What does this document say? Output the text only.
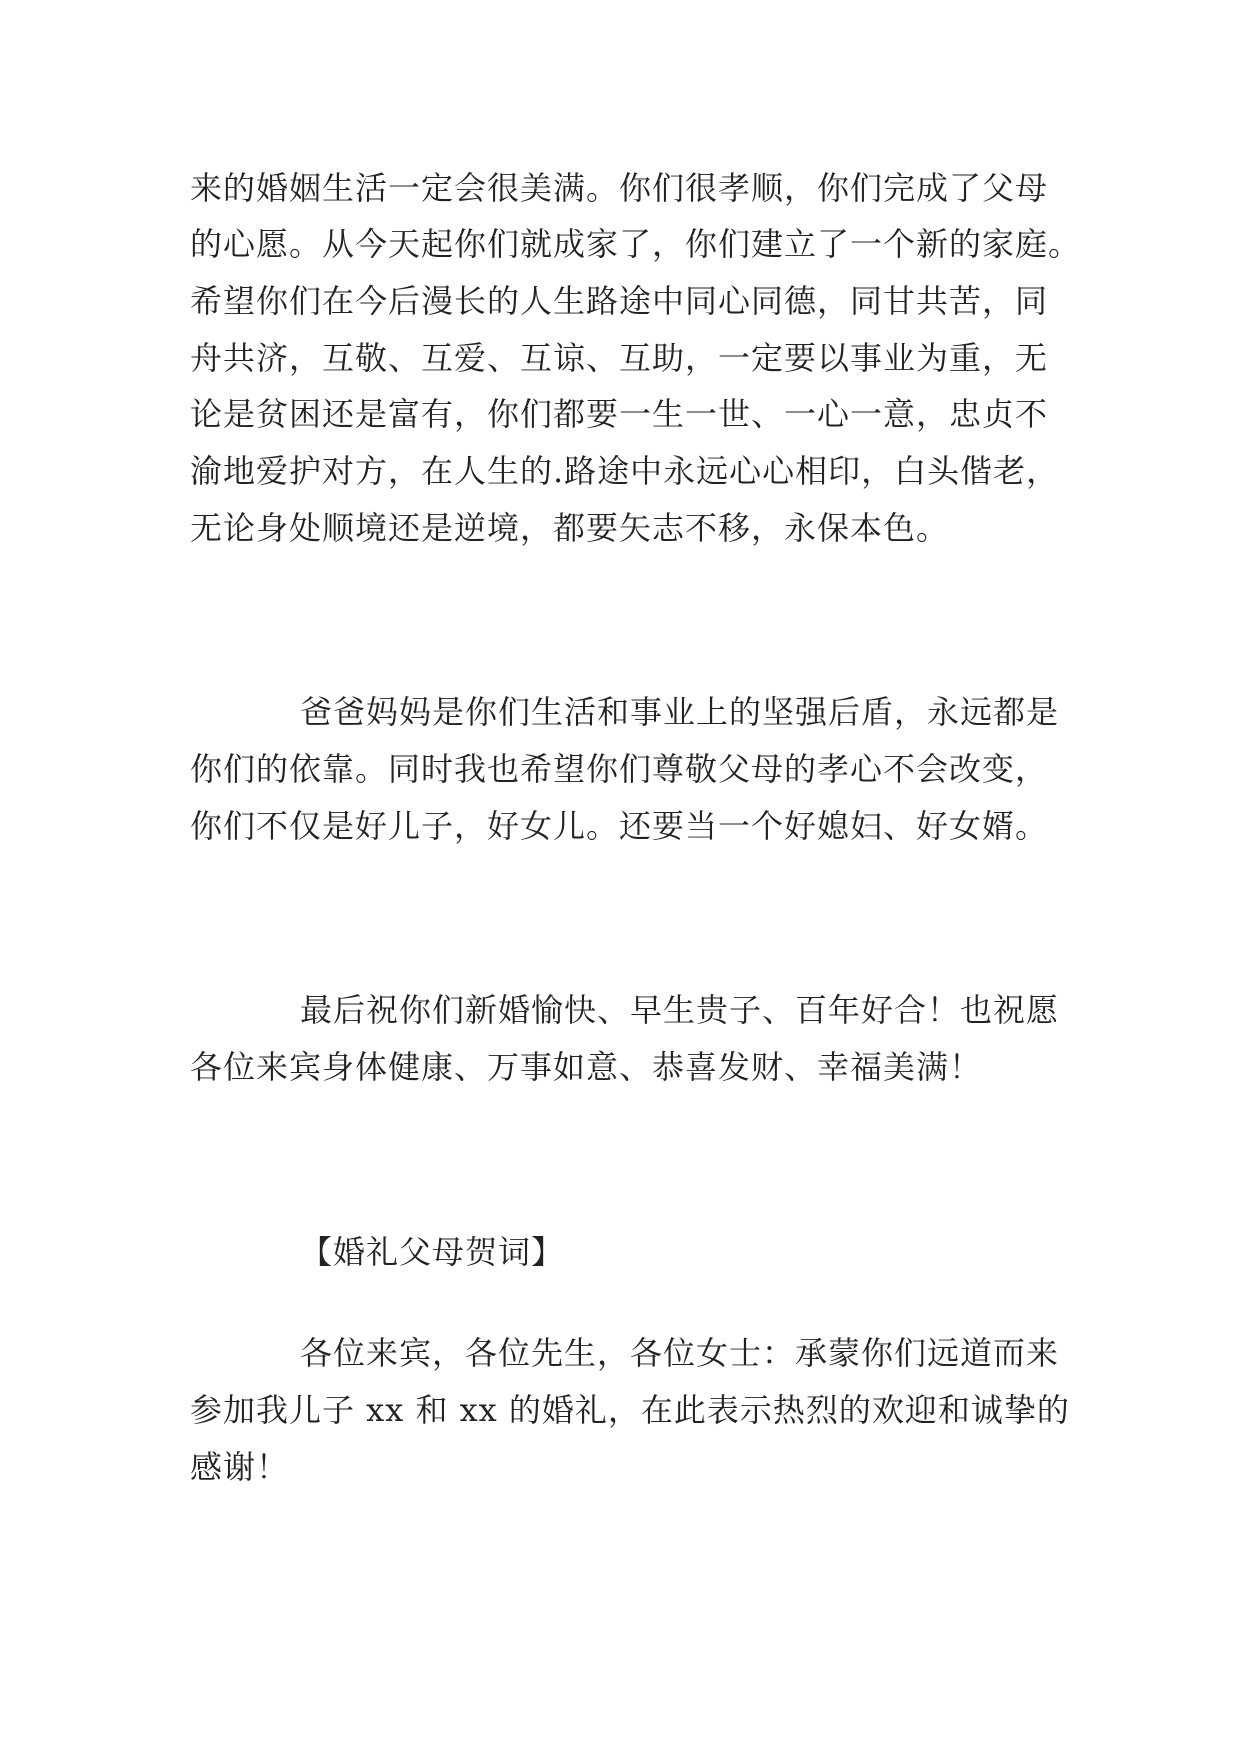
来的婚姻生活一定会很美满。你们很孝顺，你们完成了父母
的心愿。从今天起你们就成家了，你们建立了一个新的家庭。
希望你们在今后漫长的人生路途中同心同德，同甘共苦，同
舟共济，互敬、互爱、互谅、互助，一定要以事业为重，无
论是贫困还是富有，你们都要一生一世、一心一意，忠贞不
渝地爱护对方，在人生的.路途中永远心心相印，白头偕老，
无论身处顺境还是逆境，都要矢志不移，永保本色。
爸爸妈妈是你们生活和事业上的坚强后盾，永远都是
你们的依靠。同时我也希望你们尊敬父母的孝心不会改变，
你们不仅是好儿子，好女儿。还要当一个好媳妇、好女婿。
最后祝你们新婚愉快、早生贵子、百年好合！也祝愿
各位来宾身体健康、万事如意、恭喜发财、幸福美满！
【婚礼父母贺词】
各位来宾，各位先生，各位女士：承蒙你们远道而来
参加我儿子 xx 和 xx 的婚礼，在此表示热烈的欢迎和诚挚的
感谢！
